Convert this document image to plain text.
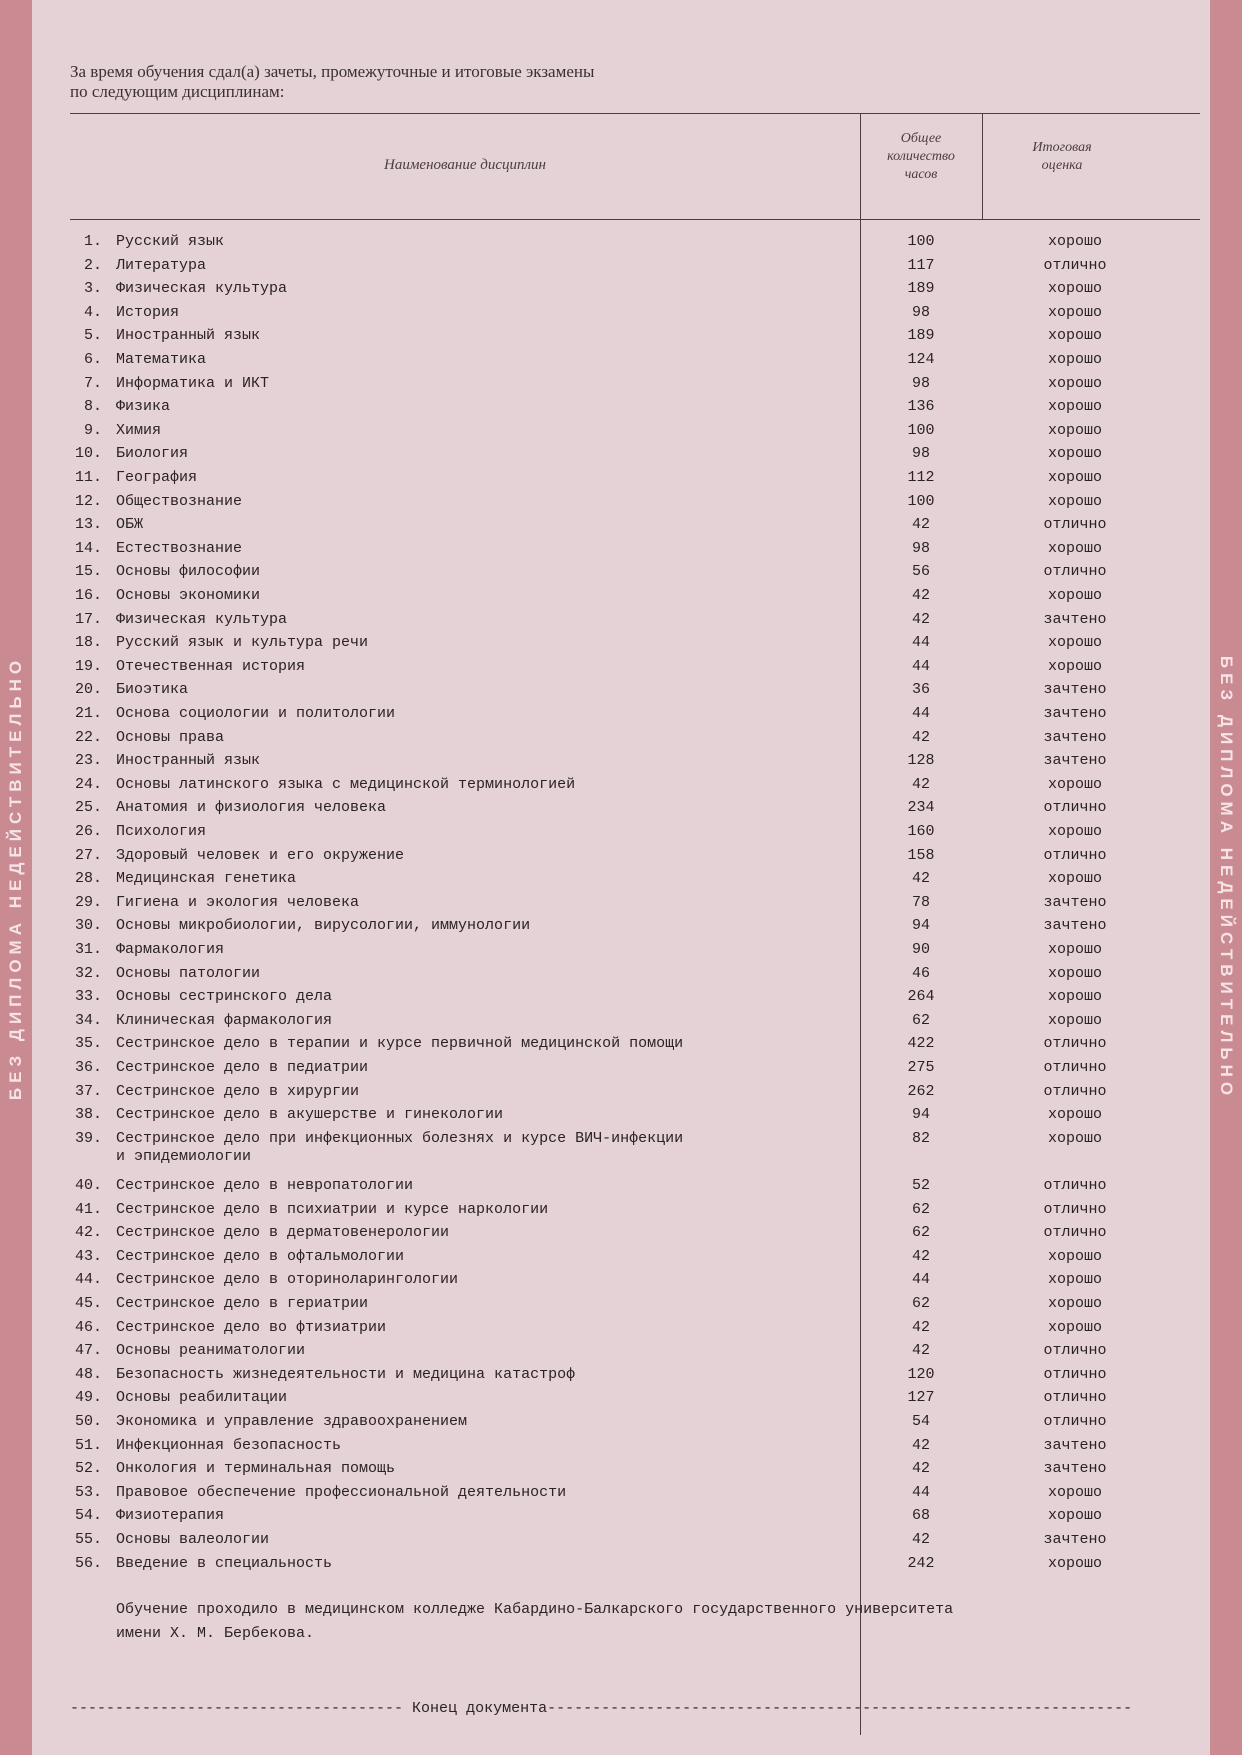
БЕЗ ДИПЛОМА НЕДЕЙСТВИТЕЛЬНО	БЕЗ ДИПЛОМА НЕДЕЙСТВИТЕЛЬНО
За время обучения сдал(а) зачеты, промежуточные и итоговые экзамены
по следующим дисциплинам:
Наименование дисциплин
Общее
количество
часов
Итоговая
оценка
1. Русский язык	100	хорошо
2. Литература	117	отлично
3. Физическая культура	189	хорошо
4. История	98	хорошо
5. Иностранный язык	189	хорошо
6. Математика	124	хорошо
7. Информатика и ИКТ	98	хорошо
8. Физика	136	хорошо
9. Химия	100	хорошо
10. Биология	98	хорошо
11. География	112	хорошо
12. Обществознание	100	хорошо
13. ОБЖ	42	отлично
14. Естествознание	98	хорошо
15. Основы философии	56	отлично
16. Основы экономики	42	хорошо
17. Физическая культура	42	зачтено
18. Русский язык и культура речи	44	хорошо
19. Отечественная история	44	хорошо
20. Биоэтика	36	зачтено
21. Основа социологии и политологии	44	зачтено
22. Основы права	42	зачтено
23. Иностранный язык	128	зачтено
24. Основы латинского языка с медицинской терминологией	42	хорошо
25. Анатомия и физиология человека	234	отлично
26. Психология	160	хорошо
27. Здоровый человек и его окружение	158	отлично
28. Медицинская генетика	42	хорошо
29. Гигиена и экология человека	78	зачтено
30. Основы микробиологии, вирусологии, иммунологии	94	зачтено
31. Фармакология	90	хорошо
32. Основы патологии	46	хорошо
33. Основы сестринского дела	264	хорошо
34. Клиническая фармакология	62	хорошо
35. Сестринское дело в терапии и курсе первичной медицинской помощи	422	отлично
36. Сестринское дело в педиатрии	275	отлично
37. Сестринское дело в хирургии	262	отлично
38. Сестринское дело в акушерстве и гинекологии	94	хорошо
39. Сестринское дело при инфекционных болезнях и курсе ВИЧ-инфекции
и эпидемиологии
82	хорошо
40. Сестринское дело в невропатологии	52	отлично
41. Сестринское дело в психиатрии и курсе наркологии	62	отлично
42. Сестринское дело в дерматовенерологии	62	отлично
43. Сестринское дело в офтальмологии	42	хорошо
44. Сестринское дело в оториноларингологии	44	хорошо
45. Сестринское дело в гериатрии	62	хорошо
46. Сестринское дело во фтизиатрии	42	хорошо
47. Основы реаниматологии	42	отлично
48. Безопасность жизнедеятельности и медицина катастроф	120	отлично
49. Основы реабилитации	127	отлично
50. Экономика и управление здравоохранением	54	отлично
51. Инфекционная безопасность	42	зачтено
52. Онкология и терминальная помощь	42	зачтено
53. Правовое обеспечение профессиональной деятельности	44	хорошо
54. Физиотерапия	68	хорошо
55. Основы валеологии	42	зачтено
56. Введение в специальность	242	хорошо
Обучение проходило в медицинском колледже Кабардино-Балкарского государственного университета
имени Х. М. Бербекова.
------------------------------------- Конец документа-----------------------------------------------------------------
